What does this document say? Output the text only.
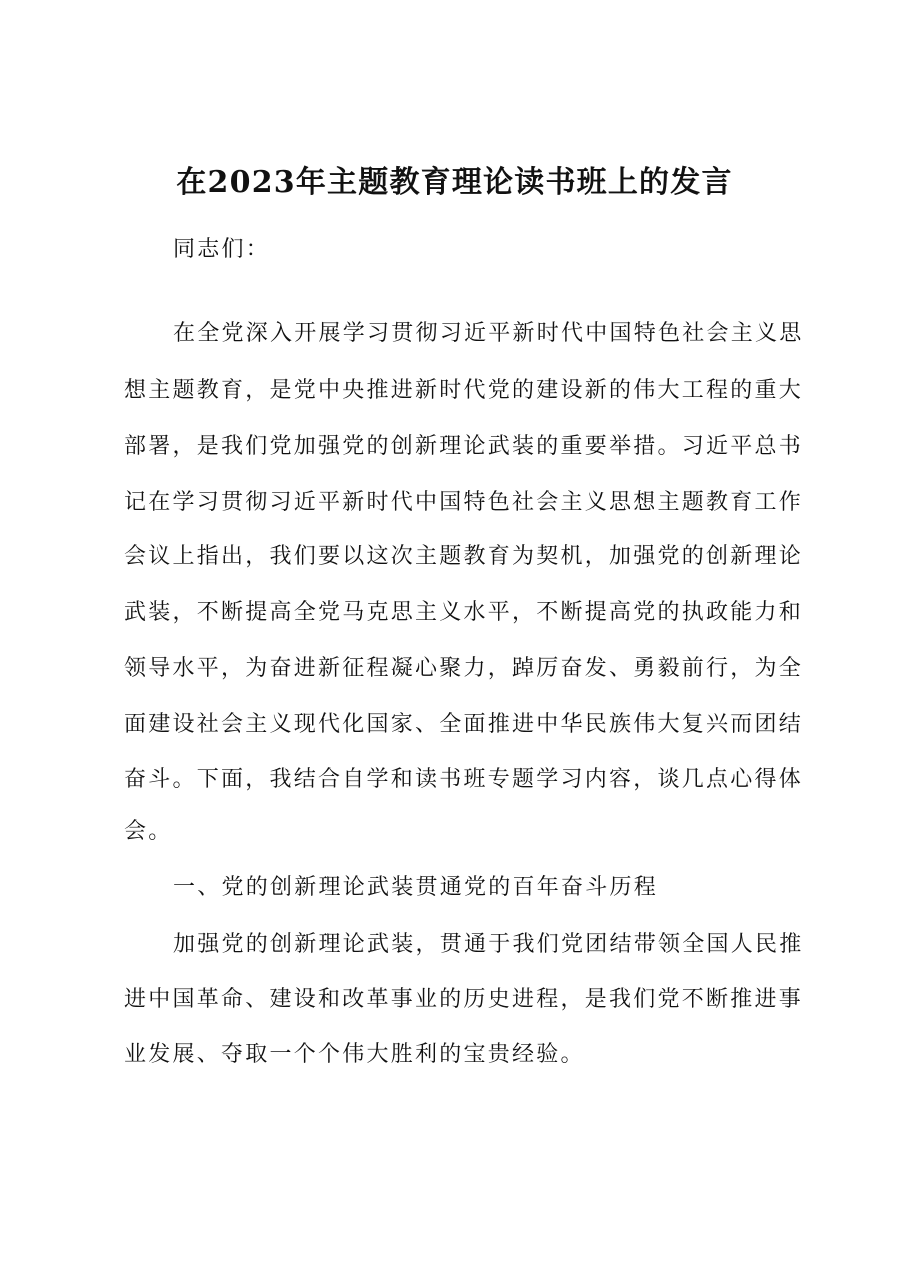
在2023年主题教育理论读书班上的发言
同志们：
在全党深入开展学习贯彻习近平新时代中国特色社会主义思
想主题教育，是党中央推进新时代党的建设新的伟大工程的重大
部署，是我们党加强党的创新理论武装的重要举措。习近平总书
记在学习贯彻习近平新时代中国特色社会主义思想主题教育工作
会议上指出，我们要以这次主题教育为契机，加强党的创新理论
武装，不断提高全党马克思主义水平，不断提高党的执政能力和
领导水平，为奋进新征程凝心聚力，踔厉奋发、勇毅前行，为全
面建设社会主义现代化国家、全面推进中华民族伟大复兴而团结
奋斗。下面，我结合自学和读书班专题学习内容，谈几点心得体
会。
一、党的创新理论武装贯通党的百年奋斗历程
加强党的创新理论武装，贯通于我们党团结带领全国人民推
进中国革命、建设和改革事业的历史进程，是我们党不断推进事
业发展、夺取一个个伟大胜利的宝贵经验。
